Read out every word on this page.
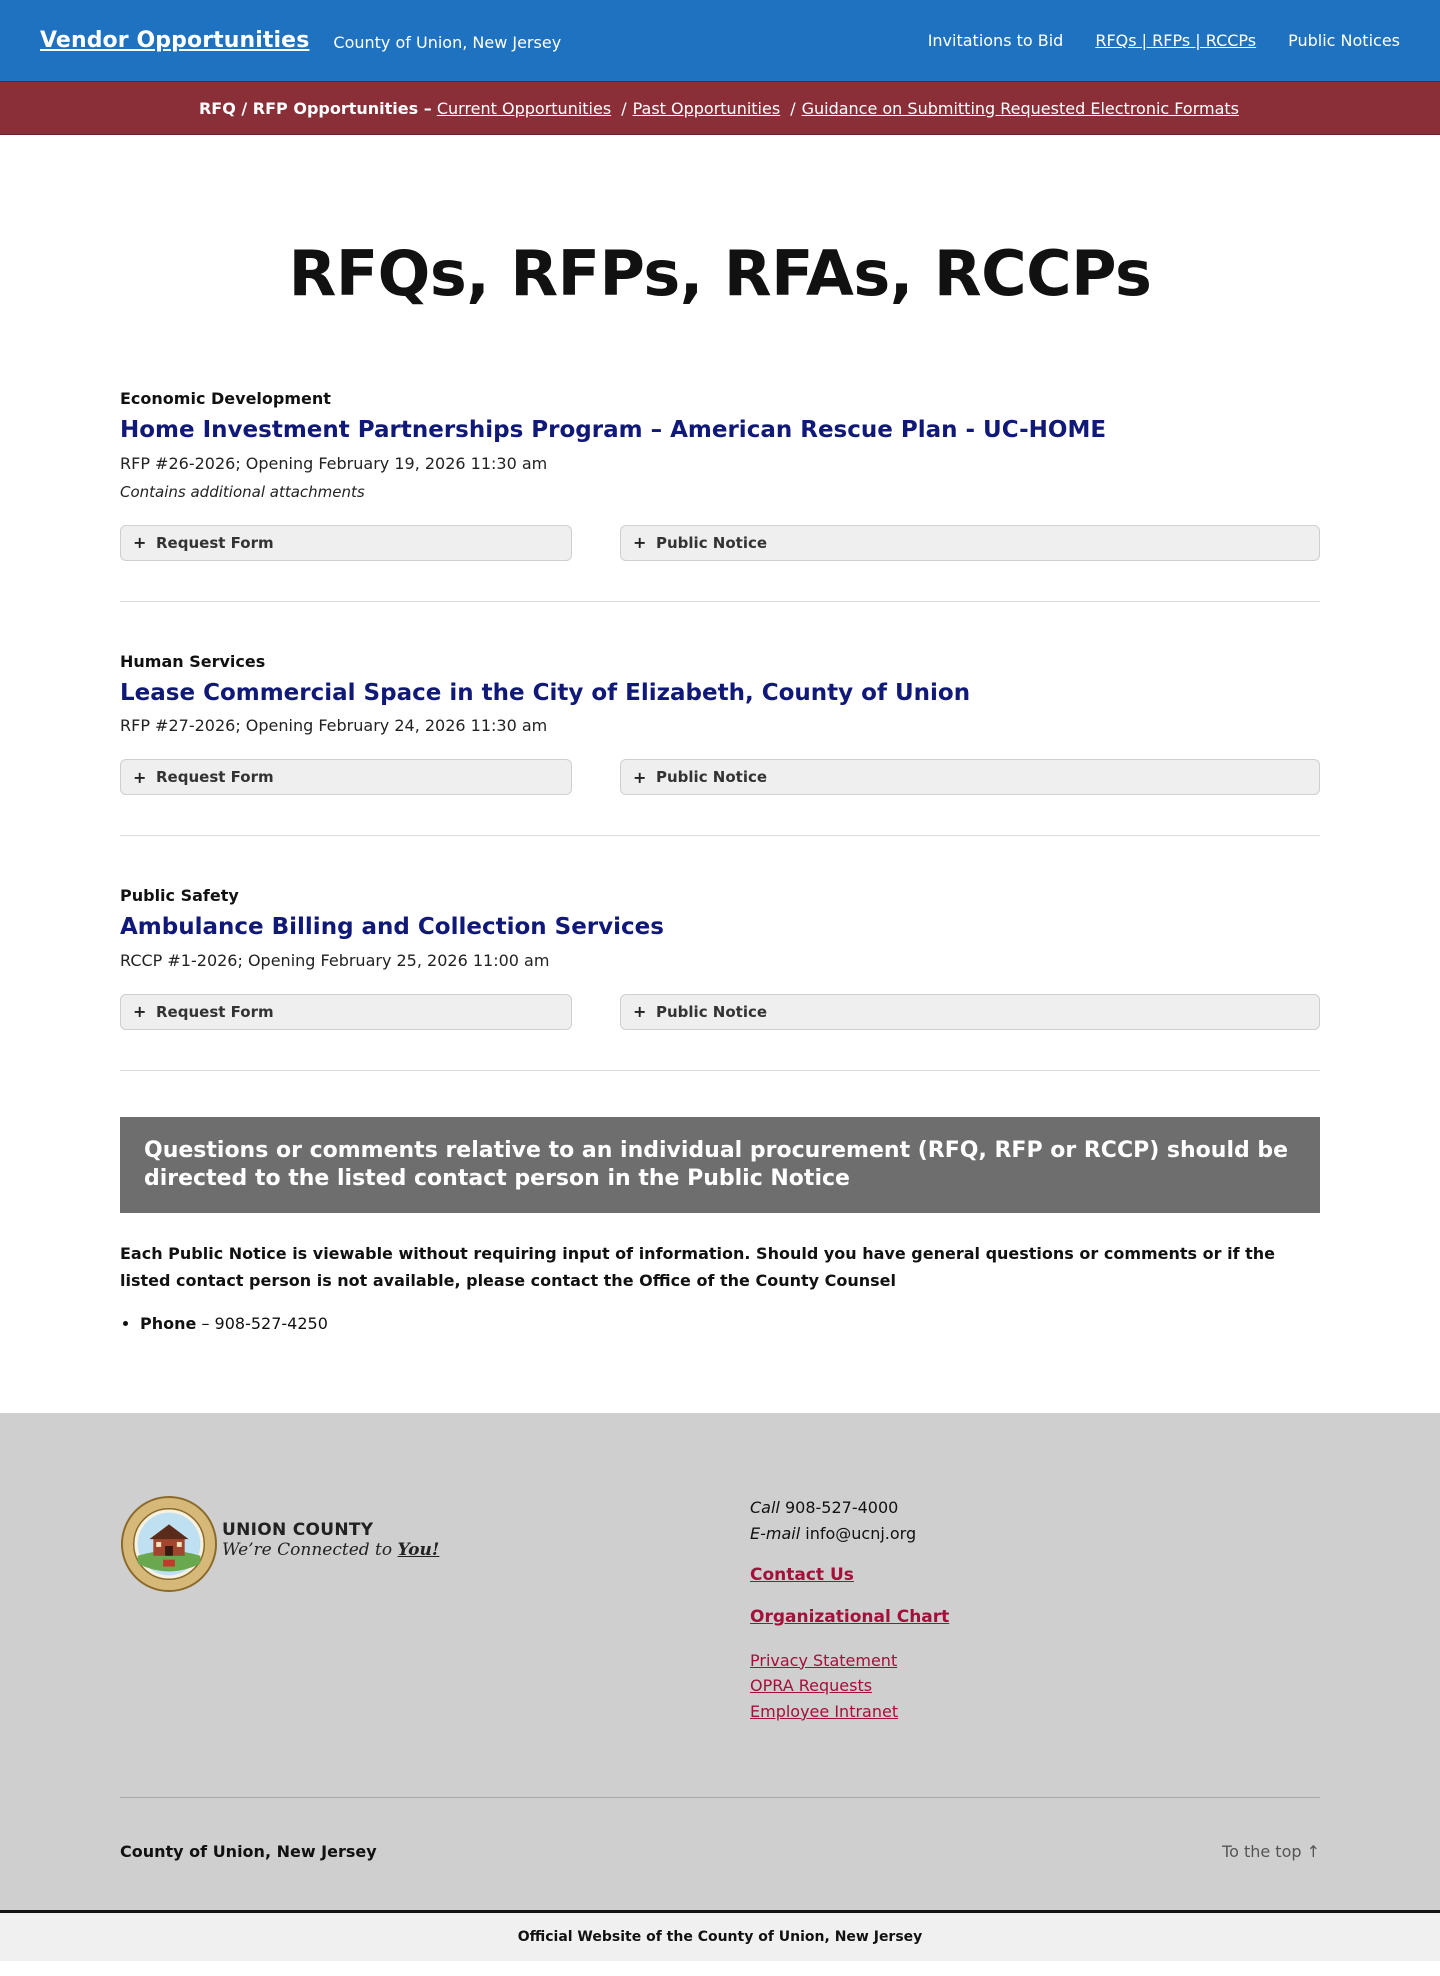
Vendor Opportunities County of Union, New Jersey	Invitations to Bid RFQs | RFPs | RCCPs Public Notices
RFQ / RFP Opportunities –
Current Opportunities / Past Opportunities / Guidance on Submitting Requested Electronic Formats
RFQs, RFPs, RFAs, RCCPs
Economic Development
Home Investment Partnerships Program – American Rescue Plan - UC-HOME
RFP #26-2026; Opening February 19, 2026 11:30 am
Contains additional attachments
+ Request Form	+ Public Notice
Human Services
Lease Commercial Space in the City of Elizabeth, County of Union
RFP #27-2026; Opening February 24, 2026 11:30 am
+ Request Form	+ Public Notice
Public Safety
Ambulance Billing and Collection Services
RCCP #1-2026; Opening February 25, 2026 11:00 am
+ Request Form	+ Public Notice
Questions or comments relative to an individual procurement (RFQ, RFP or RCCP) should be directed to the listed contact person in the Public Notice

Each Public Notice is viewable without requiring input of information. Should you have general questions or comments or if the listed contact person is not available, please contact the Office of the County Counsel

• Phone – 908-527-4250
UNION COUNTY
We’re Connected to You!
Call 908-527-4000
E-mail info@ucnj.org
Contact Us
Organizational Chart
Privacy Statement
OPRA Requests
Employee Intranet
County of Union, New Jersey	To the top ↑
Official Website of the County of Union, New Jersey
